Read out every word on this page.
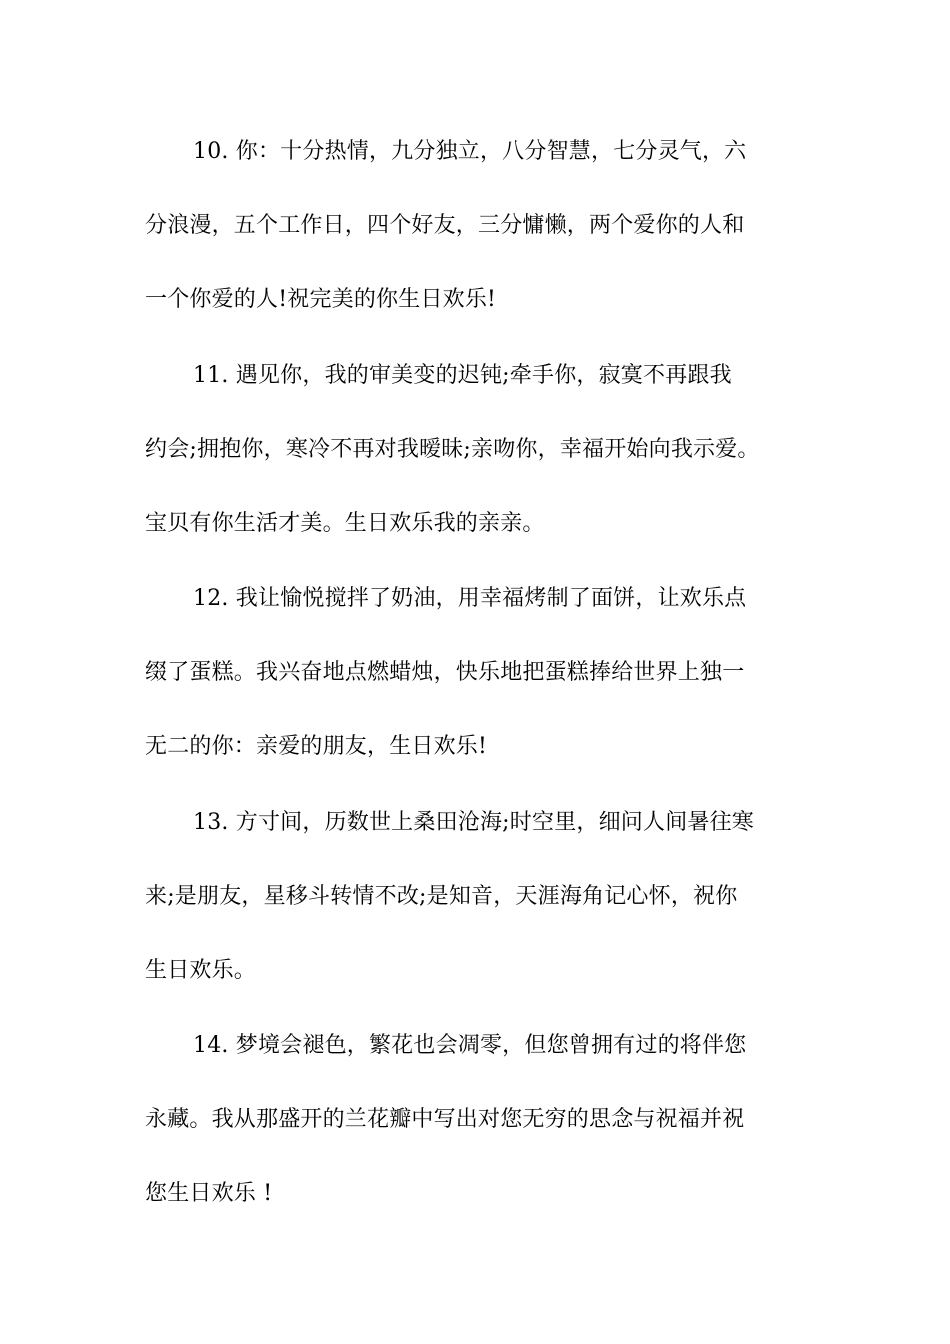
10. 你：十分热情，九分独立，八分智慧，七分灵气，六
分浪漫，五个工作日，四个好友，三分慵懒，两个爱你的人和
一个你爱的人!祝完美的你生日欢乐!
11. 遇见你，我的审美变的迟钝;牵手你，寂寞不再跟我
约会;拥抱你，寒冷不再对我暧昧;亲吻你，幸福开始向我示爱。
宝贝有你生活才美。生日欢乐我的亲亲。
12. 我让愉悦搅拌了奶油，用幸福烤制了面饼，让欢乐点
缀了蛋糕。我兴奋地点燃蜡烛，快乐地把蛋糕捧给世界上独一
无二的你：亲爱的朋友，生日欢乐!
13. 方寸间，历数世上桑田沧海;时空里，细问人间暑往寒
来;是朋友，星移斗转情不改;是知音，天涯海角记心怀，祝你
生日欢乐。
14. 梦境会褪色，繁花也会凋零，但您曾拥有过的将伴您
永藏。我从那盛开的兰花瓣中写出对您无穷的思念与祝福并祝
您生日欢乐 !
